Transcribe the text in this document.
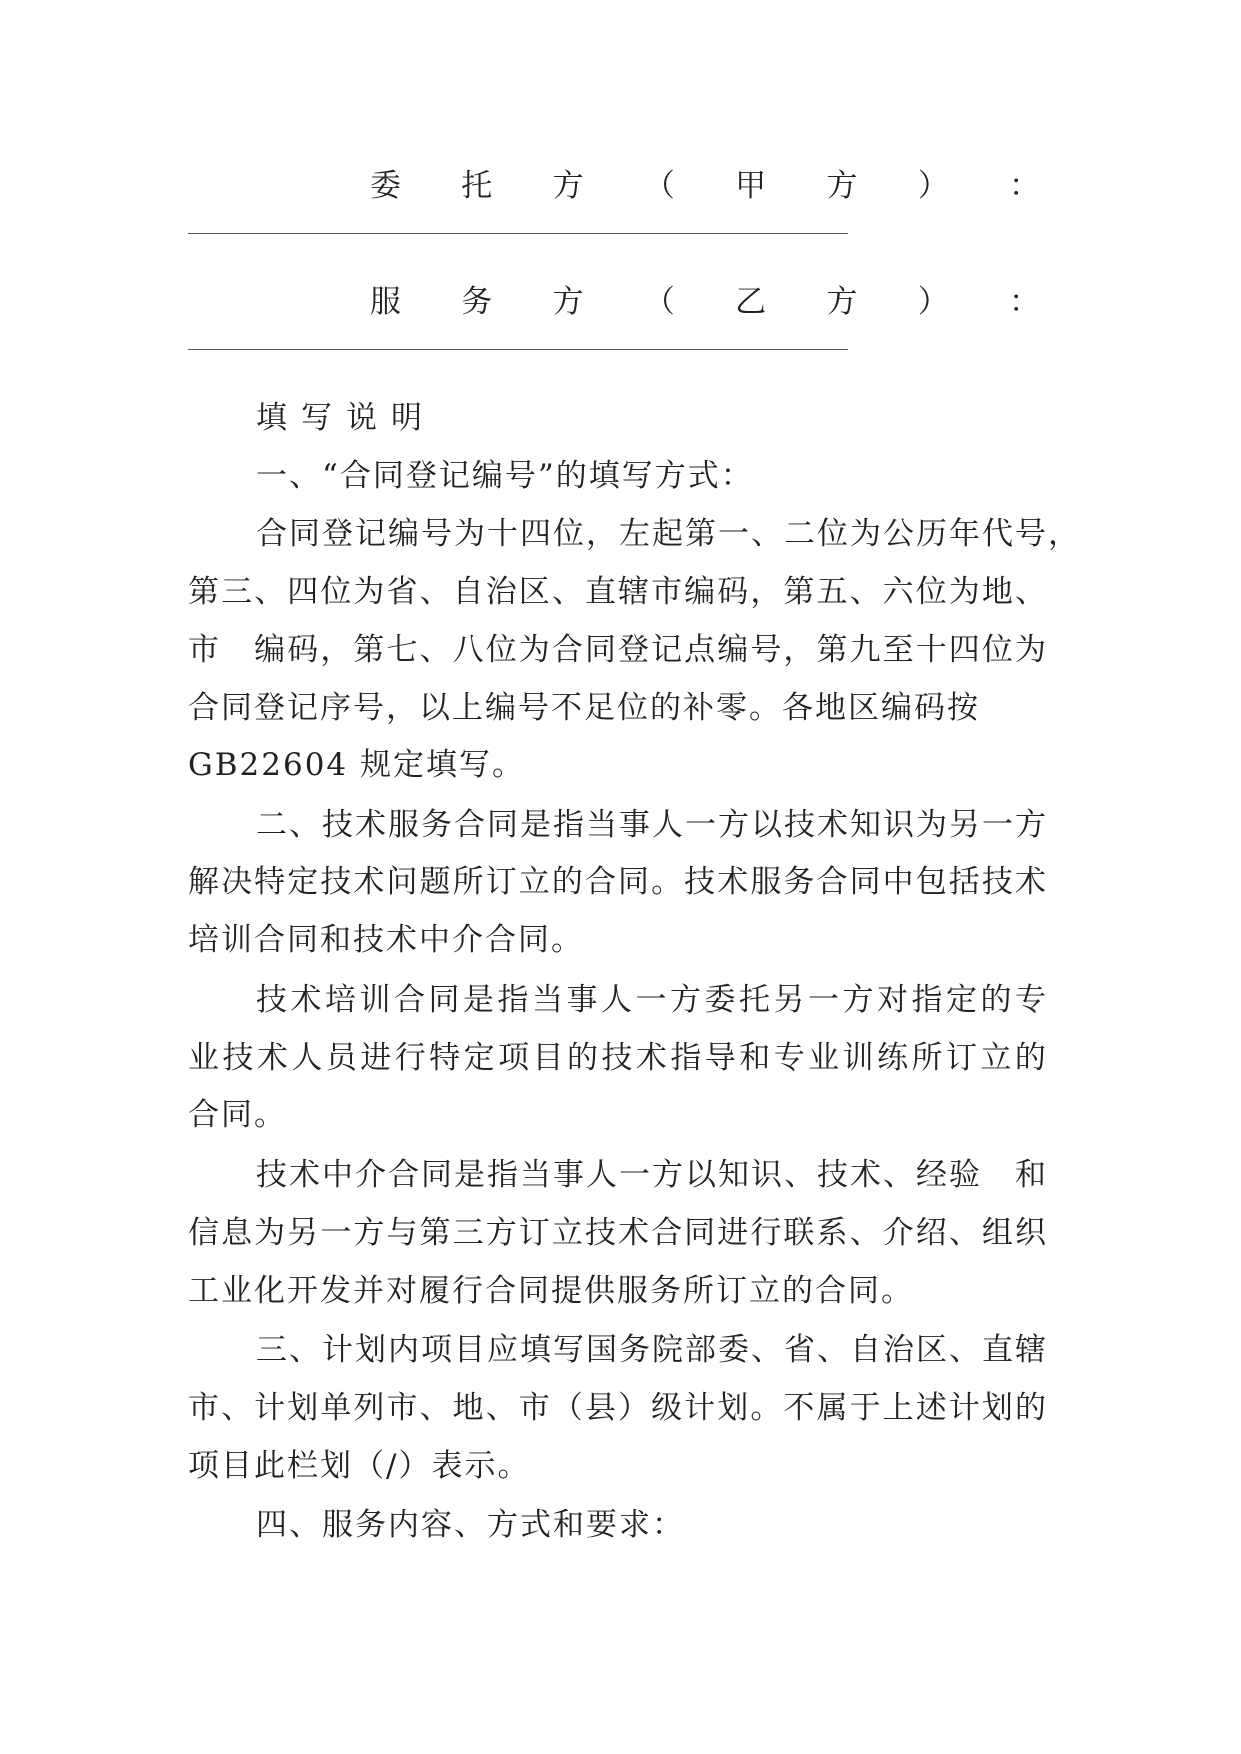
委 托 方 （ 甲 方 ） ：
服 务 方 （ 乙 方 ） ：
填写说明
一、“合同登记编号”的填写方式：
合 同 登 记 编 号 为 十 四 位 ， 左 起 第 一 、 二 位 为 公 历 年 代 号 ，
第 三 、 四 位 为 省 、 自 治 区 、 直 辖 市 编 码 ， 第 五 、 六 位 为 地 、
市
　 编 码 ， 第 七 、 八 位 为 合 同 登 记 点 编 号 ， 第 九 至 十 四 位 为
合同登记序号，以上编号不足位的补零。各地区编码按
GB22604 规定填写。
二 、 技 术 服 务 合 同 是 指 当 事 人 一 方 以 技 术 知 识 为 另 一 方
解 决 特 定 技 术 问 题 所 订 立 的 合 同 。 技 术 服 务 合 同 中 包 括 技 术
培训合同和技术中介合同。
技 术 培 训 合 同 是 指 当 事 人 一 方 委 托 另 一 方 对 指 定 的 专
业 技 术 人 员 进 行 特 定 项 目 的 技 术 指 导 和 专 业 训 练 所 订 立 的
合同。
技 术 中 介 合 同 是 指 当 事 人 一 方 以 知 识 、 技 术 、 经 验
　 和
信 息 为 另 一 方 与 第 三 方 订 立 技 术 合 同 进 行 联 系 、 介 绍 、 组 织
工业化开发并对履行合同提供服务所订立的合同。
三 、 计 划 内 项 目 应 填 写 国 务 院 部 委 、 省 、 自 治 区 、 直 辖
市 、 计 划 单 列 市 、 地 、 市 （ 县 ） 级 计 划 。 不 属 于 上 述 计 划 的
项目此栏划（/）表示。
四、服务内容、方式和要求：
